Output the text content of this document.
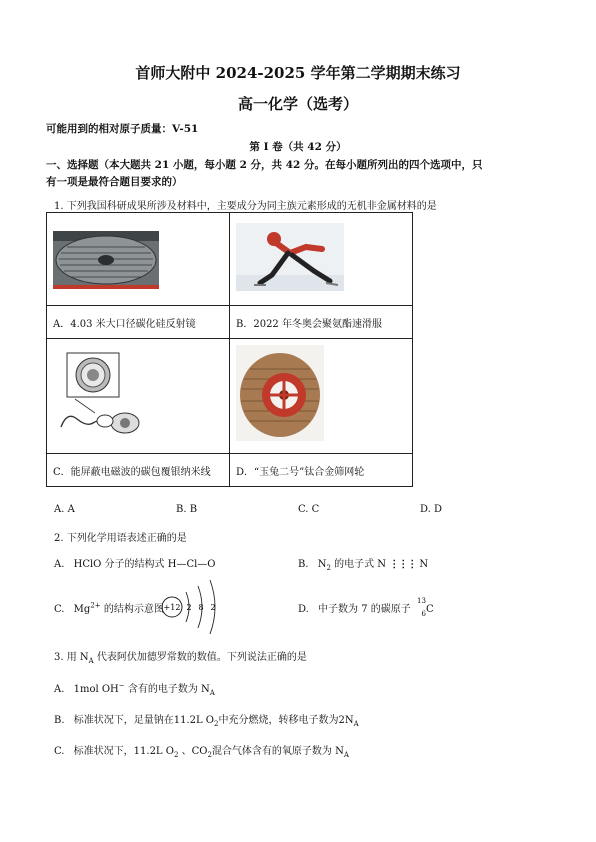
首师大附中 2024-2025 学年第二学期期末练习
高一化学（选考）
可能用到的相对原子质量：V-51
第 I 卷（共 42 分）
一、选择题（本大题共 21 小题，每小题 2 分，共 42 分。在每小题所列出的四个选项中，只
有一项是最符合题目要求的）
1. 下列我国科研成果所涉及材料中，主要成分为同主族元素形成的无机非金属材料的是

A．4.03 米大口径碳化硅反射镜	B．2022 年冬奥会聚氨酯速滑服

C．能屏蔽电磁波的碳包覆银纳米线	D．“玉兔二号”钛合金筛网轮
A. A	B. B	C. C	D. D
2. 下列化学用语表述正确的是
A. HClO 分子的结构式 H—Cl—O	B. $N_2$ 的电子式 N ⋮⋮⋮ N
C. $Mg^{2+}$ 的结构示意图 +12 2 8 2	D. 中子数为 7 的碳原子
13
6 C
3. 用 $N_A$ 代表阿伏加德罗常数的数值。下列说法正确的是
A. 1mol OH− 含有的电子数为 $N_A$
B. 标准状况下，足量钠在11.2L $O_2$中充分燃烧，转移电子数为$2N_A$
C. 标准状况下，11.2L $O_2$ 、$CO_2$混合气体含有的氧原子数为 $N_A$
